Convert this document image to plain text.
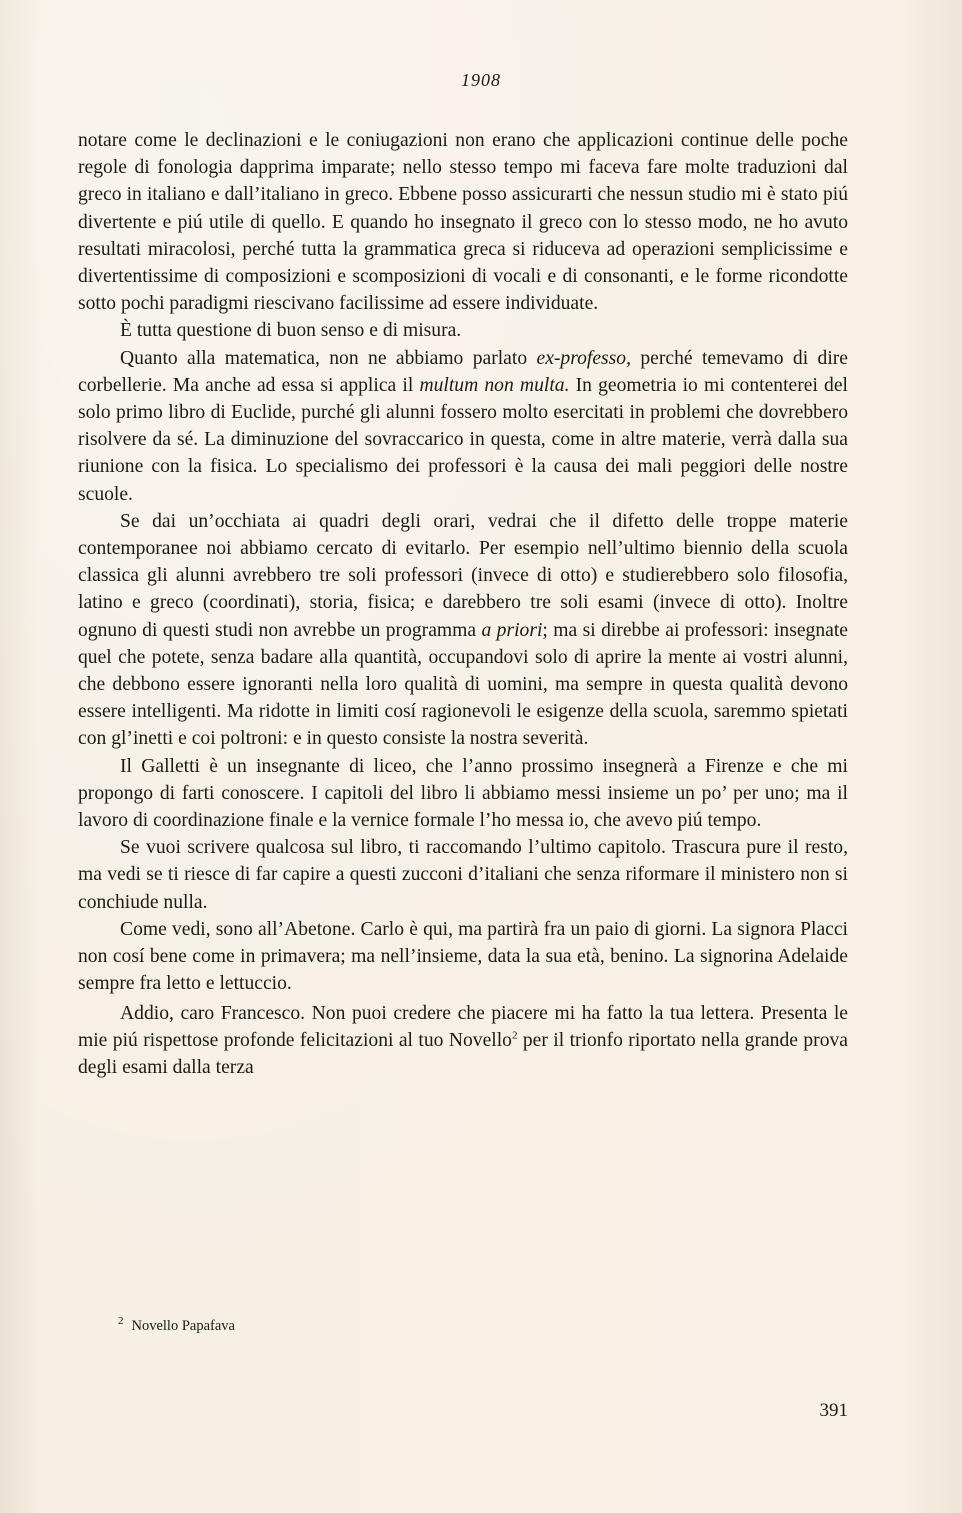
1908

notare come le declinazioni e le coniugazioni non erano che applicazioni continue delle poche regole di fonologia dapprima imparate; nello stesso tempo mi faceva fare molte traduzioni dal greco in italiano e dall’italiano in greco. Ebbene posso assicurarti che nessun studio mi è stato piú divertente e piú utile di quello. E quando ho insegnato il greco con lo stesso modo, ne ho avuto resultati miracolosi, perché tutta la grammatica greca si riduceva ad operazioni semplicissime e divertentissime di composizioni e scomposizioni di vocali e di consonanti, e le forme ricondotte sotto pochi paradigmi riescivano facilissime ad essere individuate.

È tutta questione di buon senso e di misura.

Quanto alla matematica, non ne abbiamo parlato ex-professo, perché temevamo di dire corbellerie. Ma anche ad essa si applica il multum non multa. In geometria io mi contenterei del solo primo libro di Euclide, purché gli alunni fossero molto esercitati in problemi che dovrebbero risolvere da sé. La diminuzione del sovraccarico in questa, come in altre materie, verrà dalla sua riunione con la fisica. Lo specialismo dei professori è la causa dei mali peggiori delle nostre scuole.

Se dai un’occhiata ai quadri degli orari, vedrai che il difetto delle troppe materie contemporanee noi abbiamo cercato di evitarlo. Per esempio nell’ultimo biennio della scuola classica gli alunni avrebbero tre soli professori (invece di otto) e studierebbero solo filosofia, latino e greco (coordinati), storia, fisica; e darebbero tre soli esami (invece di otto). Inoltre ognuno di questi studi non avrebbe un programma a priori; ma si direbbe ai professori: insegnate quel che potete, senza badare alla quantità, occupandovi solo di aprire la mente ai vostri alunni, che debbono essere ignoranti nella loro qualità di uomini, ma sempre in questa qualità devono essere intelligenti. Ma ridotte in limiti cosí ragionevoli le esigenze della scuola, saremmo spietati con gl’inetti e coi poltroni: e in questo consiste la nostra severità.

Il Galletti è un insegnante di liceo, che l’anno prossimo insegnerà a Firenze e che mi propongo di farti conoscere. I capitoli del libro li abbiamo messi insieme un po’ per uno; ma il lavoro di coordinazione finale e la vernice formale l’ho messa io, che avevo piú tempo.

Se vuoi scrivere qualcosa sul libro, ti raccomando l’ultimo capitolo. Trascura pure il resto, ma vedi se ti riesce di far capire a questi zucconi d’italiani che senza riformare il ministero non si conchiude nulla.

Come vedi, sono all’Abetone. Carlo è qui, ma partirà fra un paio di giorni. La signora Placci non cosí bene come in primavera; ma nell’insieme, data la sua età, benino. La signorina Adelaide sempre fra letto e lettuccio.

Addio, caro Francesco. Non puoi credere che piacere mi ha fatto la tua lettera. Presenta le mie piú rispettose profonde felicitazioni al tuo Novello$^2$ per il trionfo riportato nella grande prova degli esami dalla terza

$^2$ Novello Papafava
391
